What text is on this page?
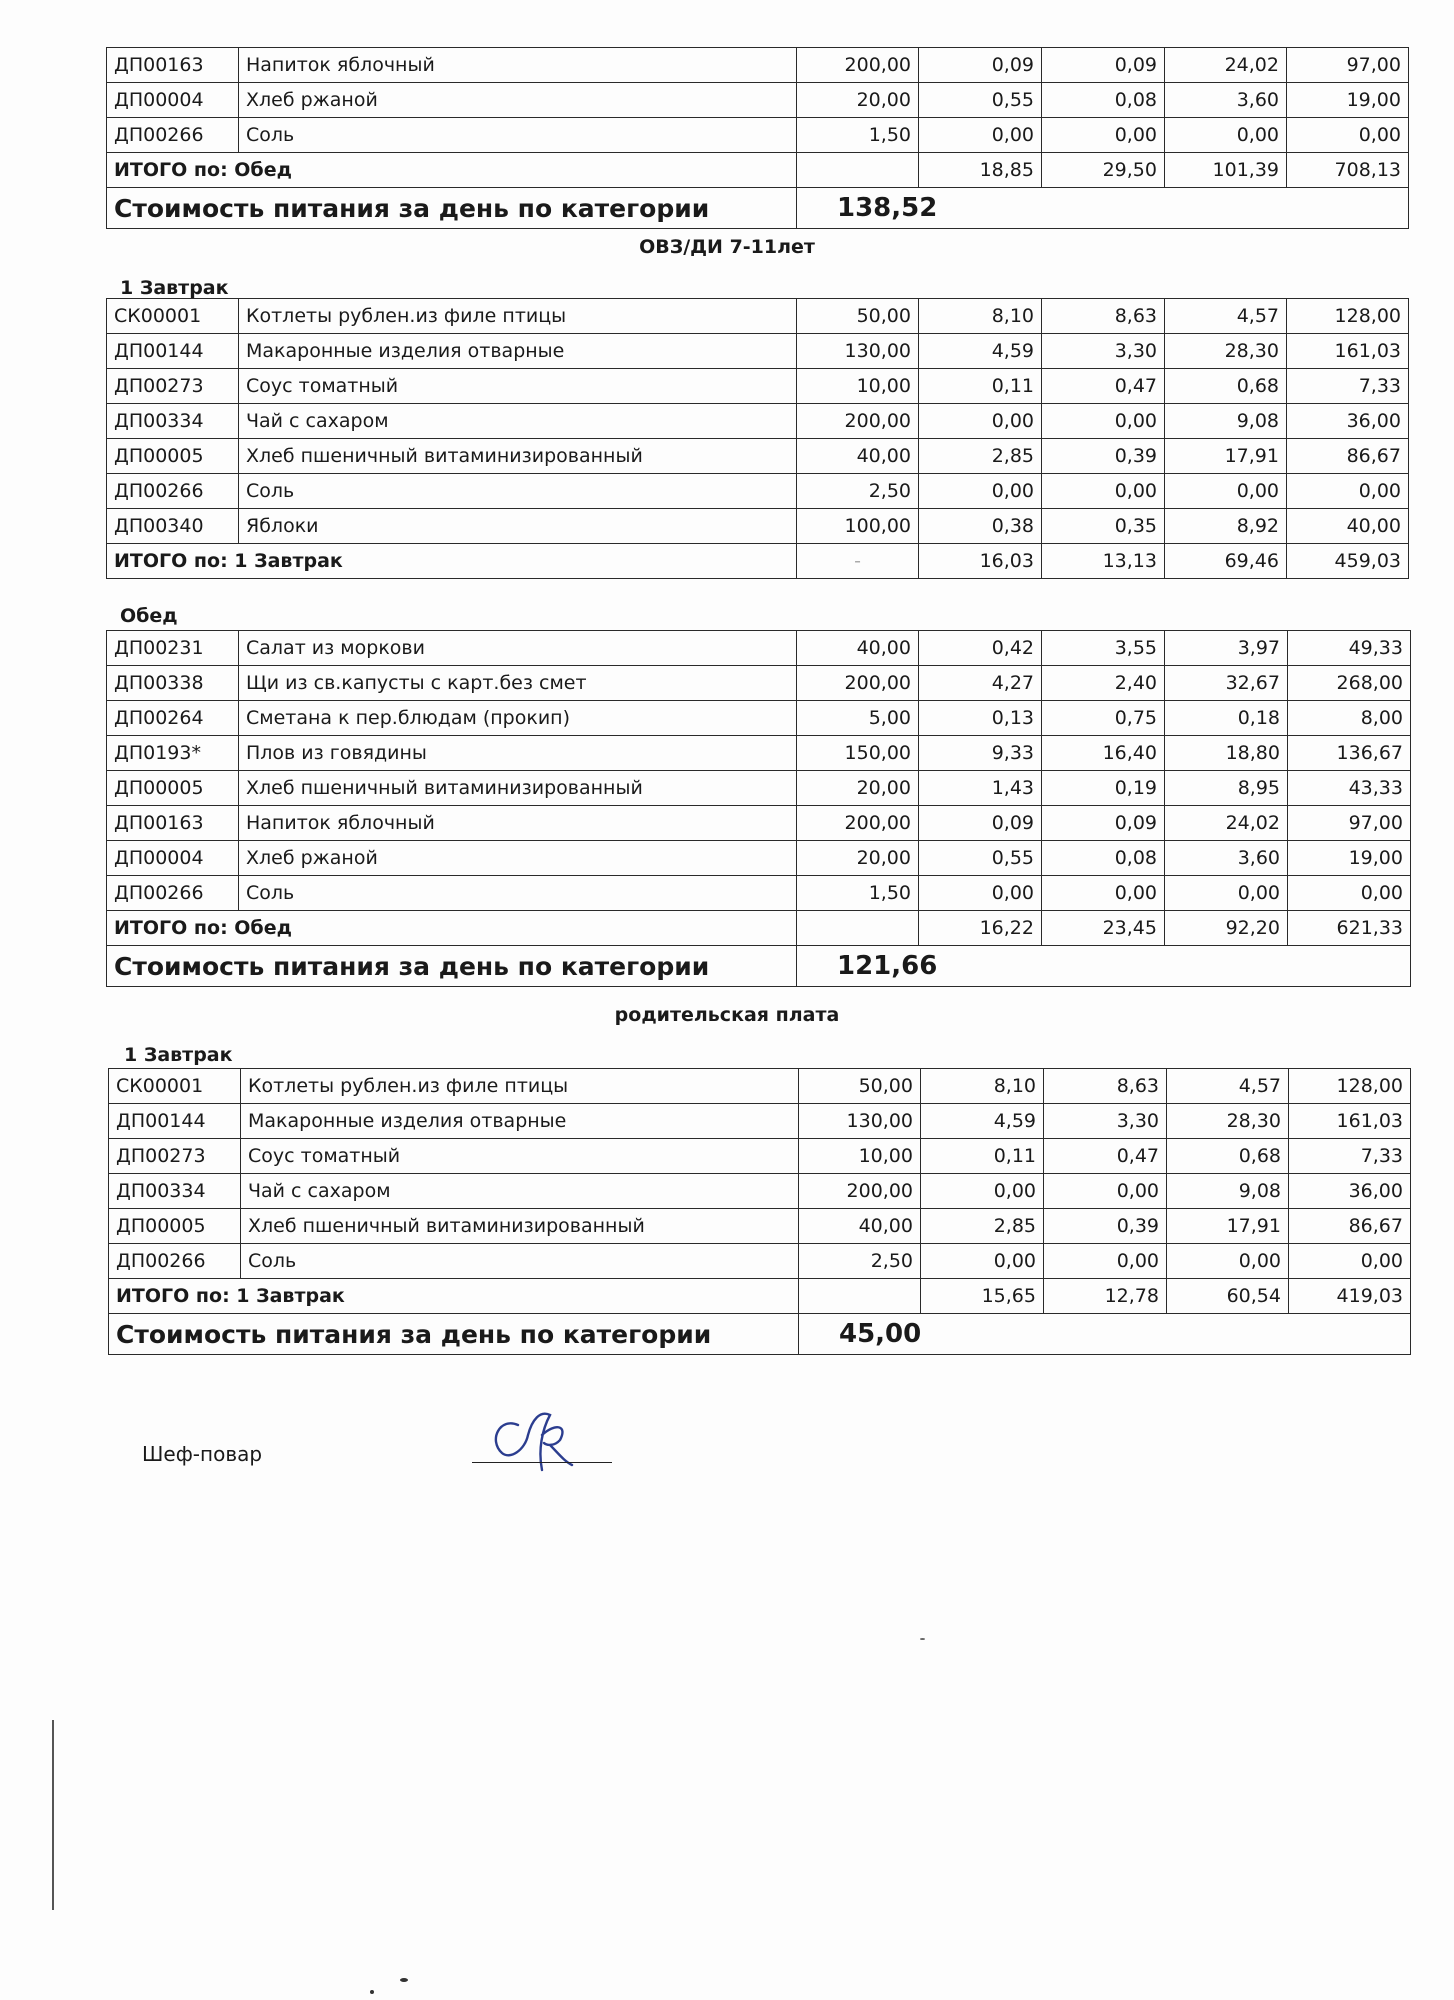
ДП00163	Напиток яблочный	200,00	0,09	0,09	24,02	97,00
ДП00004	Хлеб ржаной	20,00	0,55	0,08	3,60	19,00
ДП00266	Соль	1,50	0,00	0,00	0,00	0,00
ИТОГО по: Обед			18,85	29,50	101,39	708,13
Стоимость питания за день по категории		138,52				
ОВЗ/ДИ 7-11лет
1 Завтрак
СК00001	Котлеты рублен.из филе птицы	50,00	8,10	8,63	4,57	128,00
ДП00144	Макаронные изделия отварные	130,00	4,59	3,30	28,30	161,03
ДП00273	Соус томатный	10,00	0,11	0,47	0,68	7,33
ДП00334	Чай с сахаром	200,00	0,00	0,00	9,08	36,00
ДП00005	Хлеб пшеничный витаминизированный	40,00	2,85	0,39	17,91	86,67
ДП00266	Соль	2,50	0,00	0,00	0,00	0,00
ДП00340	Яблоки	100,00	0,38	0,35	8,92	40,00
ИТОГО по: 1 Завтрак		-	16,03	13,13	69,46	459,03
Обед
ДП00231	Салат из моркови	40,00	0,42	3,55	3,97	49,33
ДП00338	Щи из св.капусты с карт.без смет	200,00	4,27	2,40	32,67	268,00
ДП00264	Сметана к пер.блюдам (прокип)	5,00	0,13	0,75	0,18	8,00
ДП0193*	Плов из говядины	150,00	9,33	16,40	18,80	136,67
ДП00005	Хлеб пшеничный витаминизированный	20,00	1,43	0,19	8,95	43,33
ДП00163	Напиток яблочный	200,00	0,09	0,09	24,02	97,00
ДП00004	Хлеб ржаной	20,00	0,55	0,08	3,60	19,00
ДП00266	Соль	1,50	0,00	0,00	0,00	0,00
ИТОГО по: Обед			16,22	23,45	92,20	621,33
Стоимость питания за день по категории		121,66				
родительская плата
1 Завтрак
СК00001	Котлеты рублен.из филе птицы	50,00	8,10	8,63	4,57	128,00
ДП00144	Макаронные изделия отварные	130,00	4,59	3,30	28,30	161,03
ДП00273	Соус томатный	10,00	0,11	0,47	0,68	7,33
ДП00334	Чай с сахаром	200,00	0,00	0,00	9,08	36,00
ДП00005	Хлеб пшеничный витаминизированный	40,00	2,85	0,39	17,91	86,67
ДП00266	Соль	2,50	0,00	0,00	0,00	0,00
ИТОГО по: 1 Завтрак			15,65	12,78	60,54	419,03
Стоимость питания за день по категории		45,00				
Шеф-повар
